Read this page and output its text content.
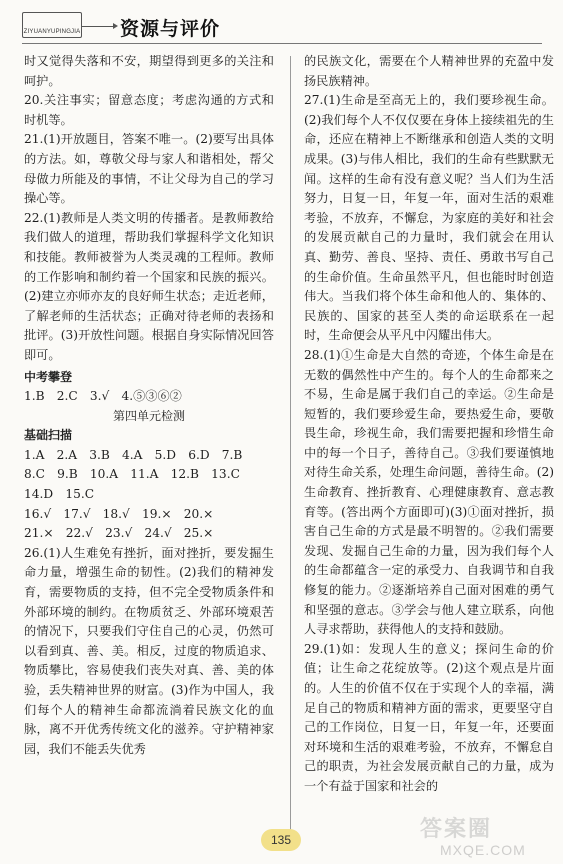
ZIYUANYUPINGJIA 资源与评价

时又觉得失落和不安，期望得到更多的关注和呵护。

20.关注事实；留意态度；考虑沟通的方式和时机等。

21.(1)开放题目，答案不唯一。(2)要写出具体的方法。如，尊敬父母与家人和谐相处，帮父母做力所能及的事情，不让父母为自己的学习操心等。

22.(1)教师是人类文明的传播者。是教师教给我们做人的道理，帮助我们掌握科学文化知识和技能。教师被誉为人类灵魂的工程师。教师的工作影响和制约着一个国家和民族的振兴。(2)建立亦师亦友的良好师生状态；走近老师，了解老师的生活状态；正确对待老师的表扬和批评。(3)开放性问题。根据自身实际情况回答即可。

中考攀登

1.B　2.C　3.√　4.⑤③⑥②

第四单元检测

基础扫描

1.A　2.A　3.B　4.A　5.D　6.D　7.B

8.C　9.B　10.A　11.A　12.B　13.C

14.D　15.C

16.√　17.√　18.√　19.×　20.×

21.×　22.√　23.√　24.√　25.×

26.(1)人生难免有挫折，面对挫折，要发掘生命力量，增强生命的韧性。(2)我们的精神发育，需要物质的支持，但不完全受物质条件和外部环境的制约。在物质贫乏、外部环境艰苦的情况下，只要我们守住自己的心灵，仍然可以看到真、善、美。相反，过度的物质追求、物质攀比，容易使我们丧失对真、善、美的体验，丢失精神世界的财富。(3)作为中国人，我们每个人的精神生命都流淌着民族文化的血脉，离不开优秀传统文化的滋养。守护精神家园，我们不能丢失优秀

的民族文化，需要在个人精神世界的充盈中发扬民族精神。

27.(1)生命是至高无上的，我们要珍视生命。(2)我们每个人不仅仅要在身体上接续祖先的生命，还应在精神上不断继承和创造人类的文明成果。(3)与伟人相比，我们的生命有些默默无闻。这样的生命有没有意义呢？当人们为生活努力，日复一日，年复一年，面对生活的艰难考验，不放弃，不懈怠，为家庭的美好和社会的发展贡献自己的力量时，我们就会在用认真、勤劳、善良、坚持、责任、勇敢书写自己的生命价值。生命虽然平凡，但也能时时创造伟大。当我们将个体生命和他人的、集体的、民族的、国家的甚至人类的命运联系在一起时，生命便会从平凡中闪耀出伟大。

28.(1)①生命是大自然的奇迹，个体生命是在无数的偶然性中产生的。每个人的生命都来之不易，生命是属于我们自己的幸运。②生命是短暂的，我们要珍爱生命，要热爱生命，要敬畏生命，珍视生命，我们需要把握和珍惜生命中的每一个日子，善待自己。③我们要谨慎地对待生命关系，处理生命问题，善待生命。(2)生命教育、挫折教育、心理健康教育、意志教育等。(答出两个方面即可)(3)①面对挫折，损害自己生命的方式是最不明智的。②我们需要发现、发掘自己生命的力量，因为我们每个人的生命都蕴含一定的承受力、自我调节和自我修复的能力。②逐渐培养自己面对困难的勇气和坚强的意志。③学会与他人建立联系，向他人寻求帮助，获得他人的支持和鼓励。

29.(1)如：发现人生的意义；探问生命的价值；让生命之花绽放等。(2)这个观点是片面的。人生的价值不仅在于实现个人的幸福，满足自己的物质和精神方面的需求，更要坚守自己的工作岗位，日复一日，年复一年，还要面对环境和生活的艰难考验，不放弃，不懈怠自己的职责，为社会发展贡献自己的力量，成为一个有益于国家和社会的

135	答案圈
MXQE.COM
